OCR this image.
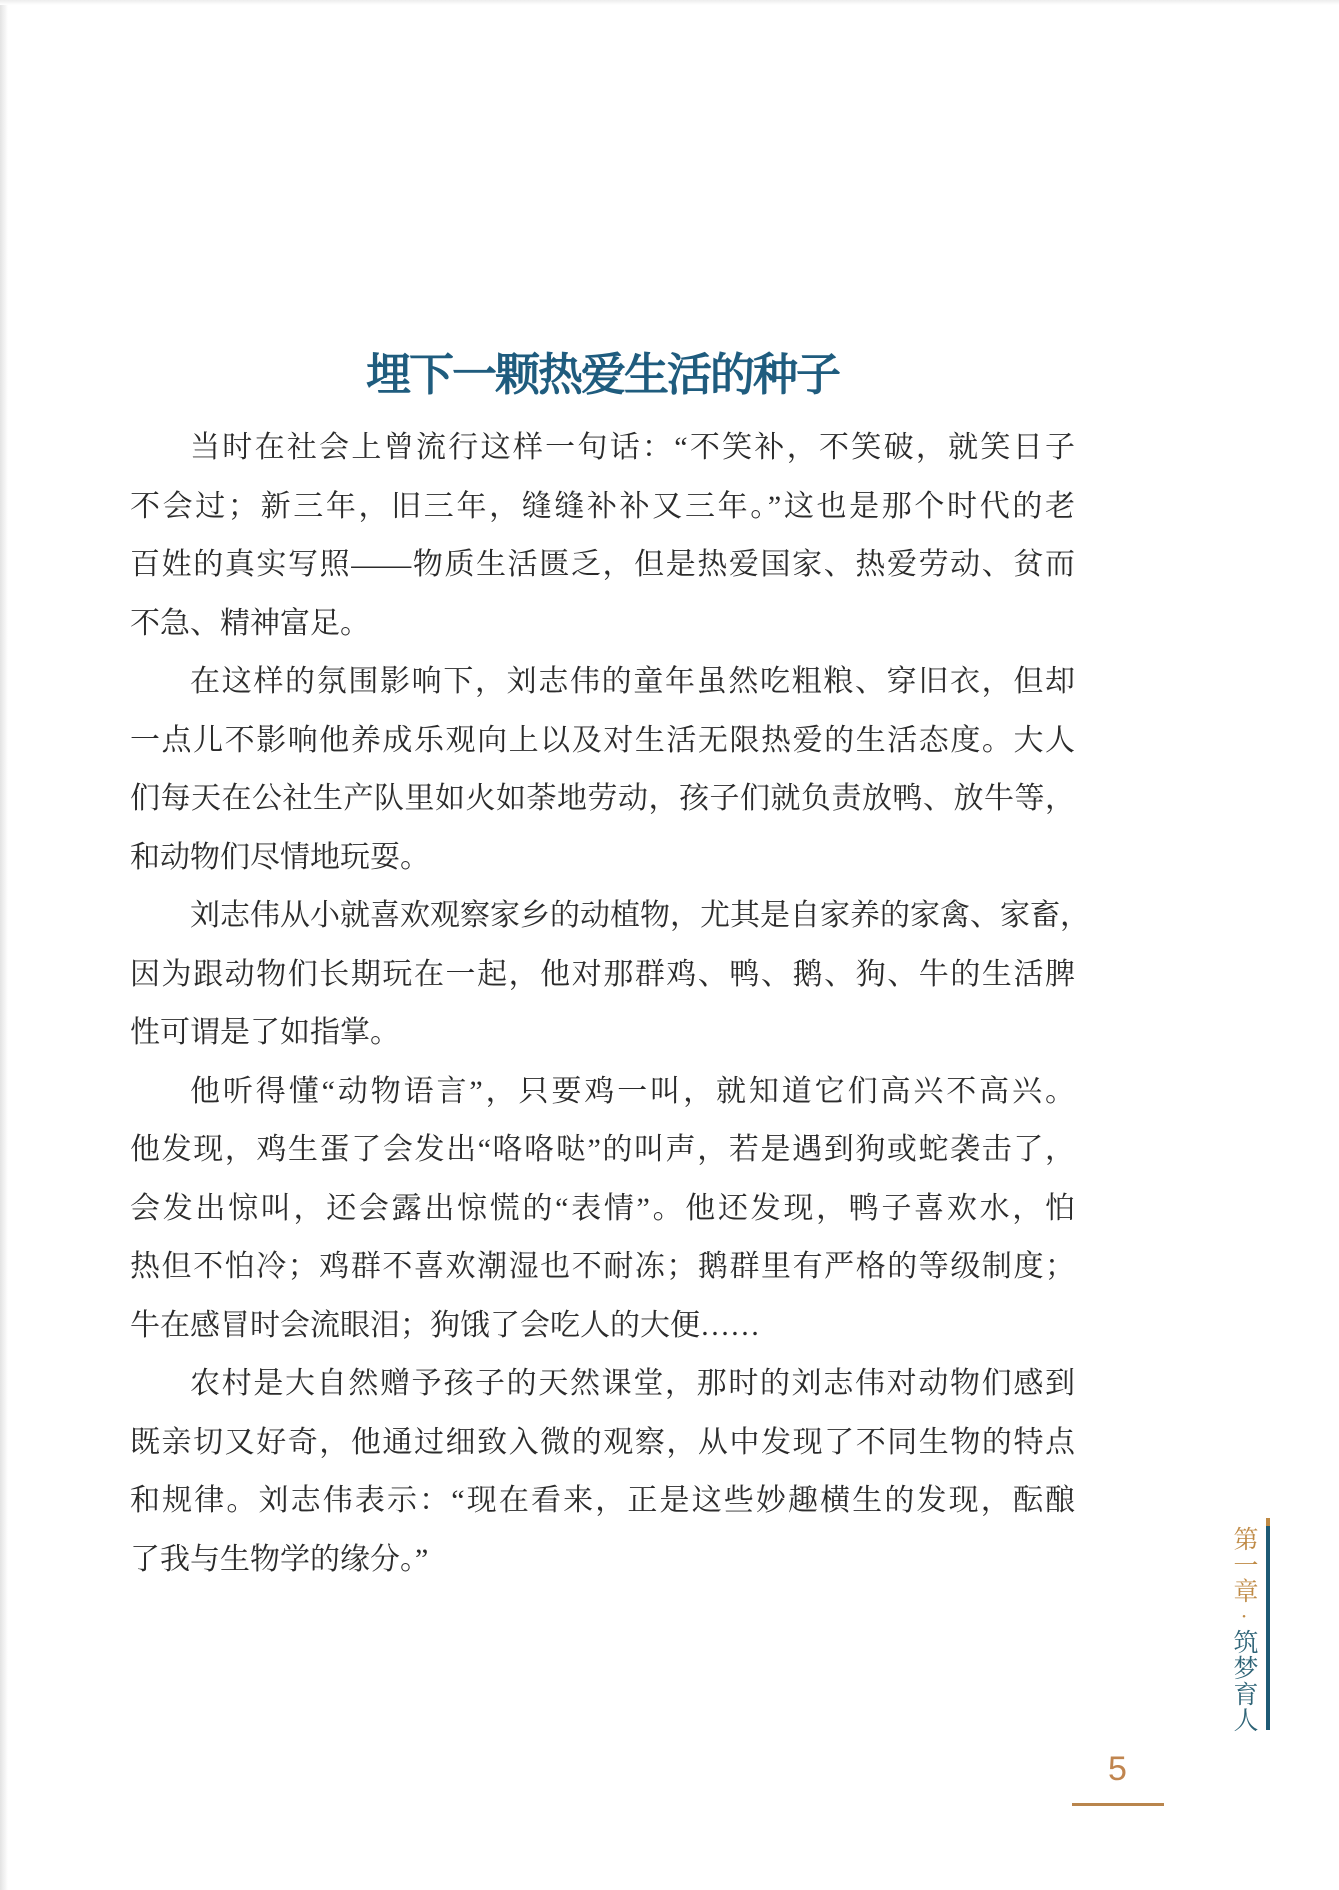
埋下一颗热爱生活的种子
当时在社会上曾流行这样一句话：“不笑补，不笑破，就笑日子
不会过；新三年，旧三年，缝缝补补又三年。”这也是那个时代的老
百姓的真实写照——物质生活匮乏，但是热爱国家、热爱劳动、贫而
不急、精神富足。
在这样的氛围影响下，刘志伟的童年虽然吃粗粮、穿旧衣，但却
一点儿不影响他养成乐观向上以及对生活无限热爱的生活态度。大人
们每天在公社生产队里如火如荼地劳动，孩子们就负责放鸭、放牛等，
和动物们尽情地玩耍。
刘志伟从小就喜欢观察家乡的动植物，尤其是自家养的家禽、家畜，
因为跟动物们长期玩在一起，他对那群鸡、鸭、鹅、狗、牛的生活脾
性可谓是了如指掌。
他听得懂“动物语言”，只要鸡一叫，就知道它们高兴不高兴。
他发现，鸡生蛋了会发出“咯咯哒”的叫声，若是遇到狗或蛇袭击了，
会发出惊叫，还会露出惊慌的“表情”。他还发现，鸭子喜欢水，怕
热但不怕冷；鸡群不喜欢潮湿也不耐冻；鹅群里有严格的等级制度；
牛在感冒时会流眼泪；狗饿了会吃人的大便……
农村是大自然赠予孩子的天然课堂，那时的刘志伟对动物们感到
既亲切又好奇，他通过细致入微的观察，从中发现了不同生物的特点
和规律。刘志伟表示：“现在看来，正是这些妙趣横生的发现，酝酿
了我与生物学的缘分。”	第一章·筑梦育人
5
